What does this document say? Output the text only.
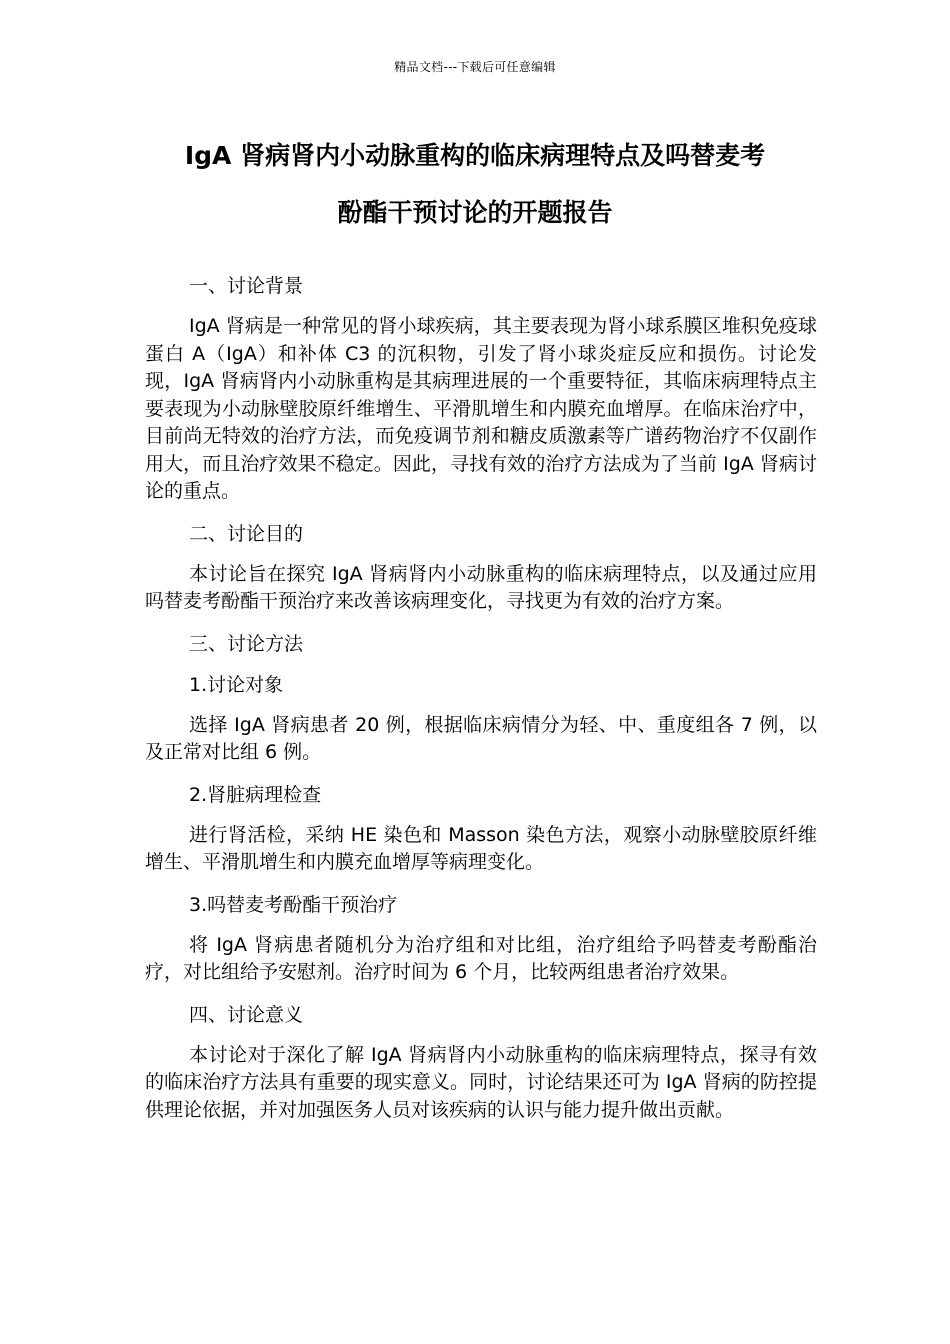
精品文档---下载后可任意编辑
IgA 肾病肾内小动脉重构的临床病理特点及吗替麦考
酚酯干预讨论的开题报告

一、讨论背景

IgA 肾病是一种常见的肾小球疾病，其主要表现为肾小球系膜区堆积免疫球蛋白 A（IgA）和补体 C3 的沉积物，引发了肾小球炎症反应和损伤。讨论发现，IgA 肾病肾内小动脉重构是其病理进展的一个重要特征，其临床病理特点主要表现为小动脉壁胶原纤维增生、平滑肌增生和内膜充血增厚。在临床治疗中，目前尚无特效的治疗方法，而免疫调节剂和糖皮质激素等广谱药物治疗不仅副作用大，而且治疗效果不稳定。因此，寻找有效的治疗方法成为了当前 IgA 肾病讨论的重点。

二、讨论目的

本讨论旨在探究 IgA 肾病肾内小动脉重构的临床病理特点，以及通过应用吗替麦考酚酯干预治疗来改善该病理变化，寻找更为有效的治疗方案。

三、讨论方法

1.讨论对象

选择 IgA 肾病患者 20 例，根据临床病情分为轻、中、重度组各 7 例，以及正常对比组 6 例。

2.肾脏病理检查

进行肾活检，采纳 HE 染色和 Masson 染色方法，观察小动脉壁胶原纤维增生、平滑肌增生和内膜充血增厚等病理变化。

3.吗替麦考酚酯干预治疗

将 IgA 肾病患者随机分为治疗组和对比组，治疗组给予吗替麦考酚酯治疗，对比组给予安慰剂。治疗时间为 6 个月，比较两组患者治疗效果。

四、讨论意义

本讨论对于深化了解 IgA 肾病肾内小动脉重构的临床病理特点，探寻有效的临床治疗方法具有重要的现实意义。同时，讨论结果还可为 IgA 肾病的防控提供理论依据，并对加强医务人员对该疾病的认识与能力提升做出贡献。
